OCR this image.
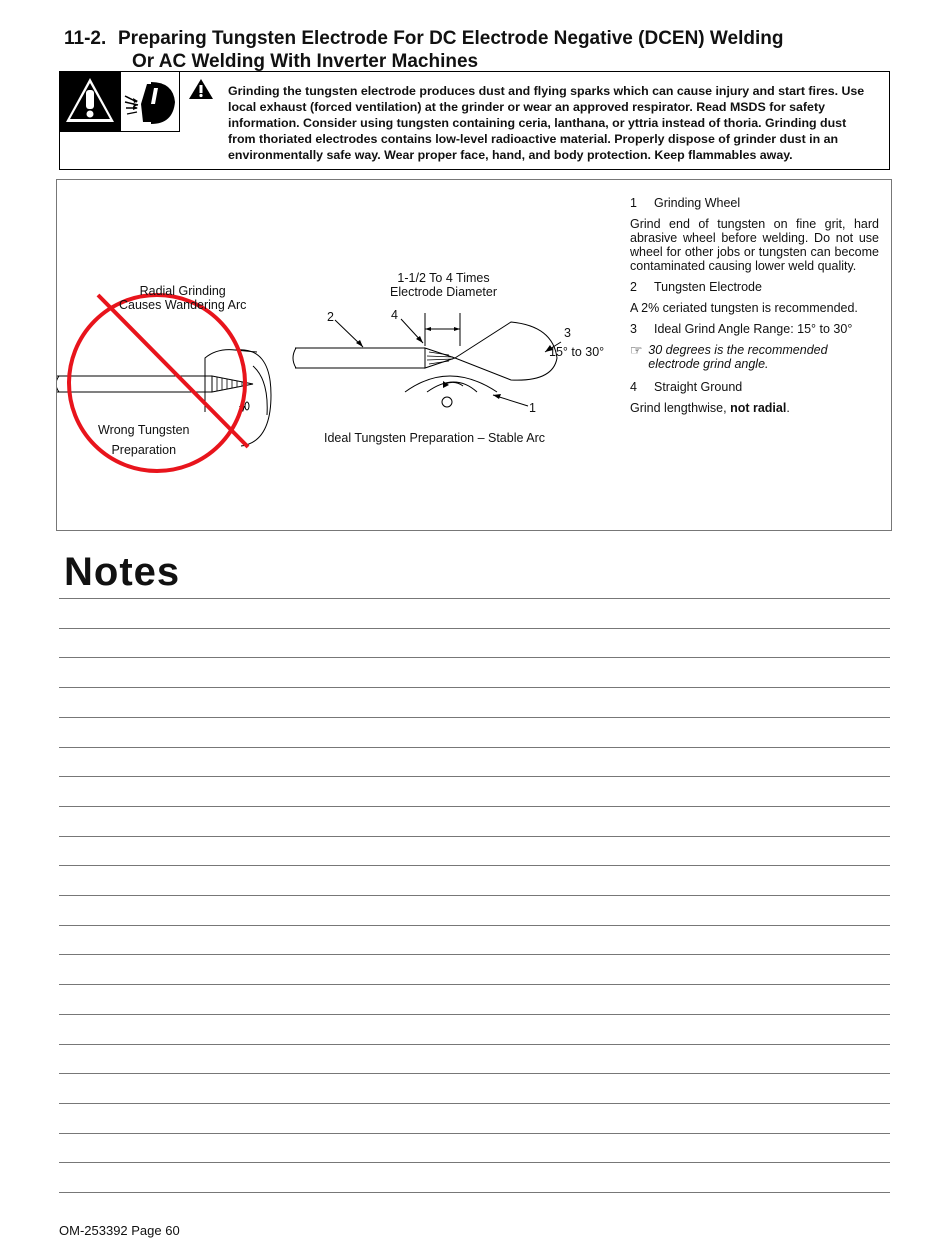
11-2. Preparing Tungsten Electrode For DC Electrode Negative (DCEN) Welding
Or AC Welding With Inverter Machines
Grinding the tungsten electrode produces dust and flying sparks which can cause injury and start fires. Use local exhaust (forced ventilation) at the grinder or wear an approved respirator. Read MSDS for safety information. Consider using tungsten containing ceria, lanthana, or yttria instead of thoria. Grinding dust from thoriated electrodes contains low-level radioactive material. Properly dispose of grinder dust in an environmentally safe way. Wear proper face, hand, and body protection. Keep flammables away.
Radial Grinding
Causes Wandering Arc
Wrong Tungsten
Preparation
1-1/2 To 4 Times
Electrode Diameter
2	4
3
15° to 30°
1
Ideal Tungsten Preparation – Stable Arc
1	Grinding Wheel

Grind end of tungsten on fine grit, hard abrasive wheel before welding. Do not use wheel for other jobs or tungsten can become contaminated causing lower weld quality.

2	Tungsten Electrode

A 2% ceriated tungsten is recommended.

3	Ideal Grind Angle Range: 15° to 30°
☞ 30 degrees is the recommended electrode grind angle.
4	Straight Ground

Grind lengthwise, not radial.

Notes
OM-253392 Page 60
